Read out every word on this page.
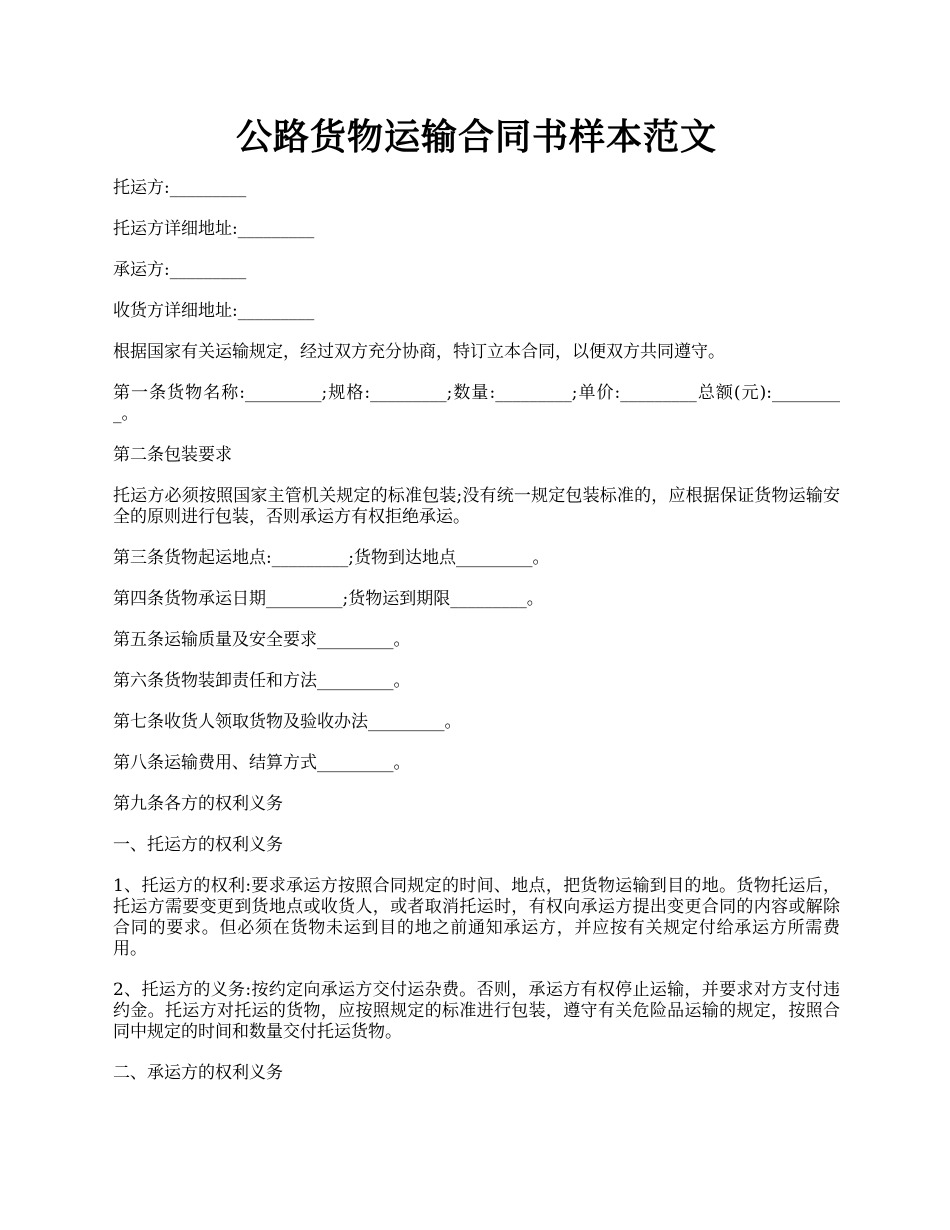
公路货物运输合同书样本范文

托运方:_________

托运方详细地址:_________

承运方:_________

收货方详细地址:_________

根据国家有关运输规定，经过双方充分协商，特订立本合同，以便双方共同遵守。

第一条货物名称:_________;规格:_________;数量:_________;单价:_________总额(元):_________。

第二条包装要求

托运方必须按照国家主管机关规定的标准包装;没有统一规定包装标准的，应根据保证货物运输安全的原则进行包装，否则承运方有权拒绝承运。

第三条货物起运地点:_________;货物到达地点_________。

第四条货物承运日期_________;货物运到期限_________。

第五条运输质量及安全要求_________。

第六条货物装卸责任和方法_________。

第七条收货人领取货物及验收办法_________。

第八条运输费用、结算方式_________。

第九条各方的权利义务

一、托运方的权利义务

1、托运方的权利:要求承运方按照合同规定的时间、地点，把货物运输到目的地。货物托运后，托运方需要变更到货地点或收货人，或者取消托运时，有权向承运方提出变更合同的内容或解除合同的要求。但必须在货物未运到目的地之前通知承运方，并应按有关规定付给承运方所需费用。

2、托运方的义务:按约定向承运方交付运杂费。否则，承运方有权停止运输，并要求对方支付违约金。托运方对托运的货物，应按照规定的标准进行包装，遵守有关危险品运输的规定，按照合同中规定的时间和数量交付托运货物。

二、承运方的权利义务
